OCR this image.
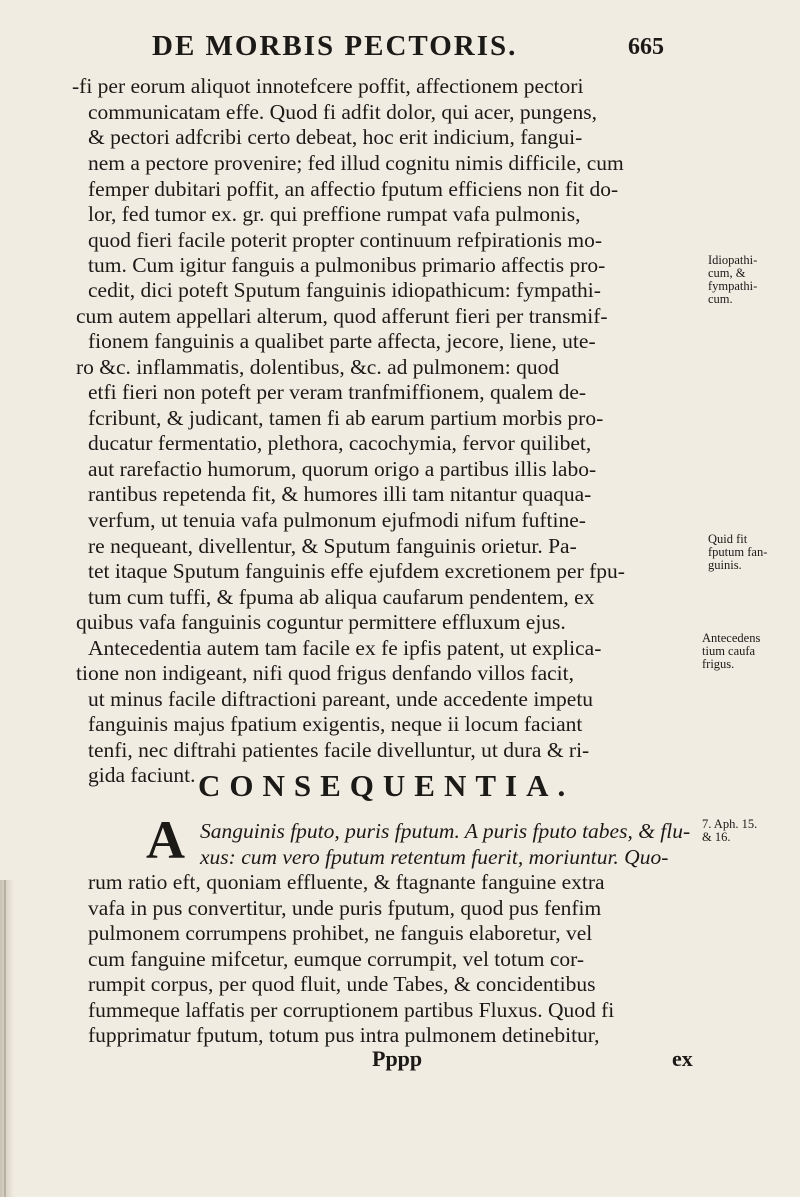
DE MORBIS PECTORIS.	665
-fi per eorum aliquot innotefcere poffit, affectionem pectori
communicatam effe. Quod fi adfit dolor, qui acer, pungens,
& pectori adfcribi certo debeat, hoc erit indicium, fangui-
nem a pectore provenire; fed illud cognitu nimis difficile, cum
femper dubitari poffit, an affectio fputum efficiens non fit do-
lor, fed tumor ex. gr. qui preffione rumpat vafa pulmonis,
quod fieri facile poterit propter continuum refpirationis mo-
tum. Cum igitur fanguis a pulmonibus primario affectis pro-
cedit, dici poteft Sputum fanguinis idiopathicum: fympathi-
cum autem appellari alterum, quod afferunt fieri per transmif-
fionem fanguinis a qualibet parte affecta, jecore, liene, ute-
ro &c. inflammatis, dolentibus, &c. ad pulmonem: quod
etfi fieri non poteft per veram tranfmiffionem, qualem de-
fcribunt, & judicant, tamen fi ab earum partium morbis pro-
ducatur fermentatio, plethora, cacochymia, fervor quilibet,
aut rarefactio humorum, quorum origo a partibus illis labo-
rantibus repetenda fit, & humores illi tam nitantur quaqua-
verfum, ut tenuia vafa pulmonum ejufmodi nifum fuftine-
re nequeant, divellentur, & Sputum fanguinis orietur. Pa-
tet itaque Sputum fanguinis effe ejufdem excretionem per fpu-
tum cum tuffi, & fpuma ab aliqua caufarum pendentem, ex
quibus vafa fanguinis coguntur permittere effluxum ejus.
Antecedentia autem tam facile ex fe ipfis patent, ut explica-
tione non indigeant, nifi quod frigus denfando villos facit,
ut minus facile diftractioni pareant, unde accedente impetu
fanguinis majus fpatium exigentis, neque ii locum faciant
tenfi, nec diftrahi patientes facile divelluntur, ut dura & ri-
gida faciunt.
Idiopathi-
cum, &
fympathi-
cum.
Quid fit
fputum fan-
guinis.
Antecedens
tium caufa
frigus.
7. Aph. 15.
& 16.
CONSEQUENTIA.
A Sanguinis fputo, puris fputum. A puris fputo tabes, & flu-
xus: cum vero fputum retentum fuerit, moriuntur. Quo-
rum ratio eft, quoniam effluente, & ftagnante fanguine extra
vafa in pus convertitur, unde puris fputum, quod pus fenfim
pulmonem corrumpens prohibet, ne fanguis elaboretur, vel
cum fanguine mifcetur, eumque corrumpit, vel totum cor-
rumpit corpus, per quod fluit, unde Tabes, & concidentibus
fummeque laffatis per corruptionem partibus Fluxus. Quod fi
fupprimatur fputum, totum pus intra pulmonem detinebitur,
Pppp	ex
